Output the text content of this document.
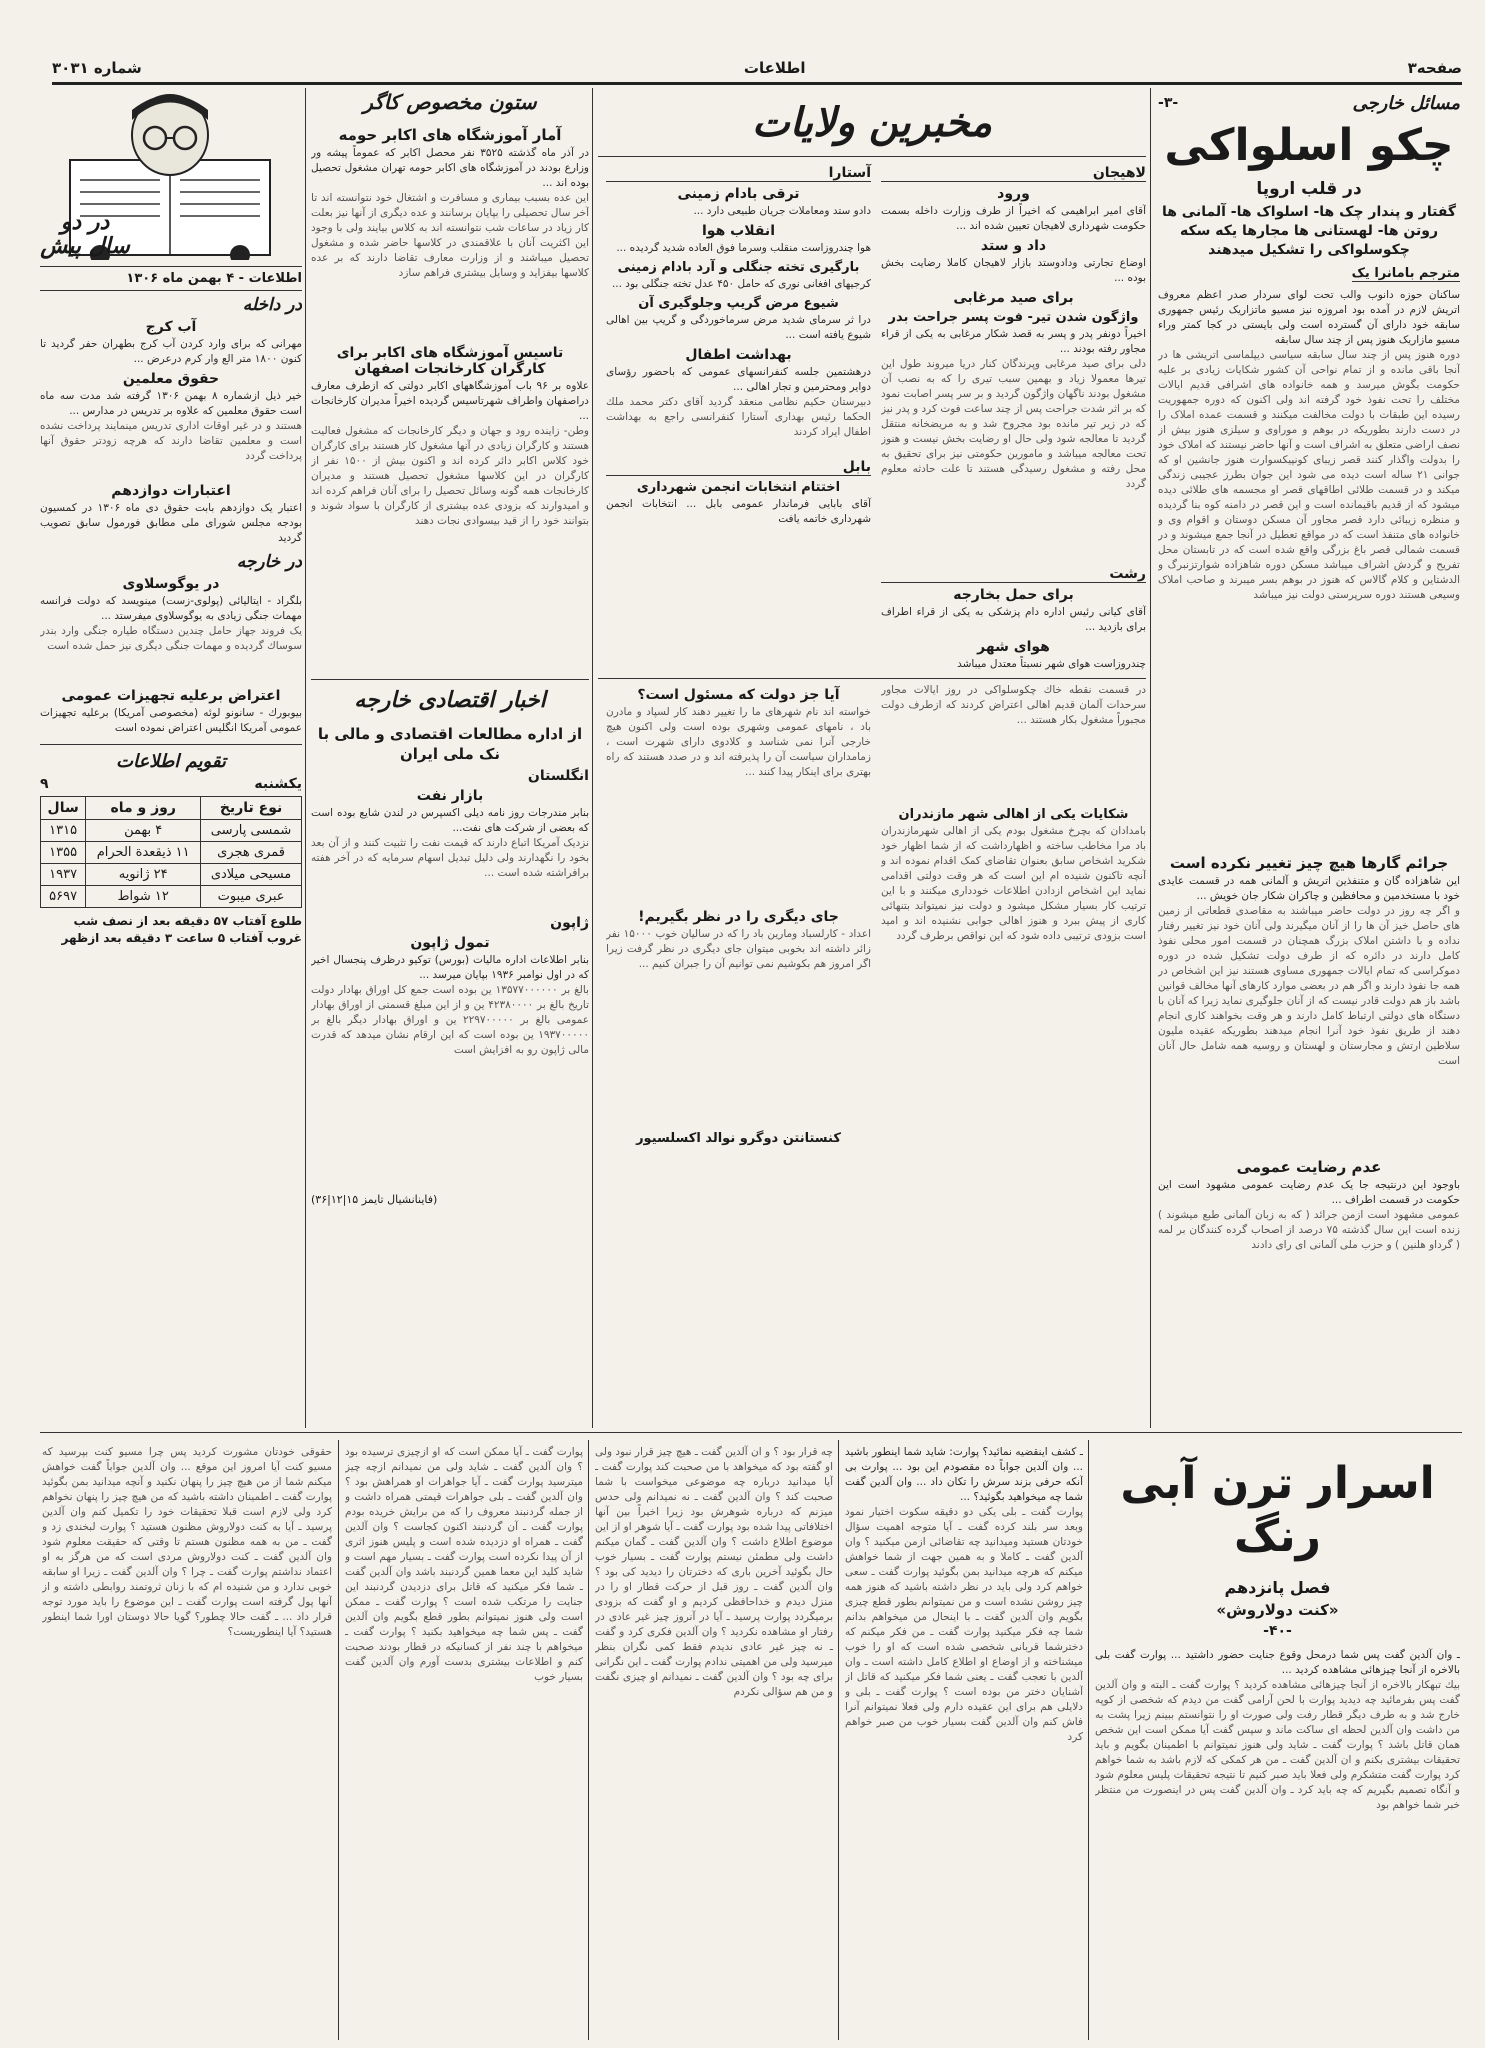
صفحه۳
اطلاعات
شماره ۳۰۳۱
مسائل خارجی
-۳-
چکو اسلواکی
در قلب اروپا
گفتار و پندار چک ها- اسلواک ها- آلمانی ها روتن ها- لهستانی ها مجارها یکه سکه چکوسلواکی را تشکیل میدهند
مترجم بامانرا یک
ساکنان حوزه دانوب والب تحت لوای سردار صدر اعظم معروف اتریش لازم در آمده بود امروزه نیز مسیو ماتزاریک رئیس جمهوری سابقه خود دارای آن گسترده است ولی بایستی در کجا کمتر وراء مسیو مازاریک هنوز پس از چند سال سابقه
دوره هنوز پس از چند سال سابقه سیاسی دیپلماسی اتریشی ها در آنجا باقی مانده و از تمام نواحی آن کشور شکایات زیادی بر علیه حکومت بگوش میرسد و همه خانواده های اشرافی قدیم ایالات مختلف را تحت نفوذ خود گرفته اند ولی اکنون که دوره جمهوریت رسیده این طبقات با دولت مخالفت میکنند و قسمت عمده املاک را در دست دارند بطوریکه در بوهم و موراوی و سیلزی هنوز بیش از نصف اراضی متعلق به اشراف است و آنها حاضر نیستند که املاک خود را بدولت واگذار کنند قصر زیبای کونپیکسوارت هنوز جانشین او که جوانی ۲۱ ساله است دیده می شود این جوان بطرز عجیبی زندگی میکند و در قسمت طلائی اطاقهای قصر او مجسمه های طلائی دیده میشود که از قدیم باقیمانده است و این قصر در دامنه کوه بنا گردیده و منظره زیبائی دارد قصر مجاور آن مسکن دوستان و اقوام وی و خانواده های متنفذ است که در مواقع تعطیل در آنجا جمع میشوند و در قسمت شمالی قصر باغ بزرگی واقع شده است که در تابستان محل تفریح و گردش اشراف میباشد مسکن دوره شاهزاده شوارتزنبرگ و الدشتاین و کلام گالاس که هنوز در بوهم بسر میبرند و صاحب املاک وسیعی هستند دوره سرپرستی دولت نیز میباشد
جرائم گارها هیچ چیز تغییر نکرده است
این شاهزاده گان و متنفذین اتریش و آلمانی همه در قسمت عایدی خود با مستخدمین و محافظین و چاکران شکار جان خویش ...
و اگر چه روز در دولت حاضر میباشند به مقاصدی قطعاتی از زمین های حاصل خیز آن ها را از آنان میگیرند ولی آنان خود نیز تغییر رفتار نداده و با داشتن املاک بزرگ همچنان در قسمت امور محلی نفوذ کامل دارند در دائره که از طرف دولت تشکیل شده در دوره دموکراسی که تمام ایالات جمهوری مساوی هستند نیز این اشخاص در همه جا نفوذ دارند و اگر هم در بعضی موارد کارهای آنها مخالف قوانین باشد باز هم دولت قادر نیست که از آنان جلوگیری نماید زیرا که آنان با دستگاه های دولتی ارتباط کامل دارند و هر وقت بخواهند کاری انجام دهند از طریق نفوذ خود آنرا انجام میدهند بطوریکه عقیده ملیون سلاطین ارتش و مجارستان و لهستان و روسیه همه شامل حال آنان است
عدم رضایت عمومی
باوجود این درنتیجه جا یک عدم رضایت عمومی مشهود است این حکومت در قسمت اطراف ...
عمومی مشهود است ازمن جرائد ( که به زبان آلمانی طبع میشوند ) زنده است این سال گذشته ۷۵ درصد از اصحاب گرده کنندگان بر لمه ( گرداو هلنین ) و حزب ملی آلمانی ای رای دادند
مخبرین ولایات
لاهیجان
ورود
آقای امیر ابراهیمی که اخیراً از طرف وزارت داخله بسمت حکومت شهرداری لاهیجان تعیین شده اند ...
داد و ستد
اوضاع تجارتی ودادوستد بازار لاهیجان کاملا رضایت بخش بوده ...
برای صید مرغابی
واژگون شدن تیر- فوت پسر جراحت بدر
اخیراً دونفر پدر و پسر به قصد شکار مرغابی به یکی از قراء مجاور رفته بودند ...
دلی برای صید مرغابی وپرندگان کنار دریا میروند طول این تیرها معمولا زیاد و بهمین سبب تیری را که به نصب آن مشغول بودند ناگهان واژگون گردید و بر سر پسر اصابت نمود که بر اثر شدت جراحت پس از چند ساعت فوت کرد و پدر نیز که در زیر تیر مانده بود مجروح شد و به مریضخانه منتقل گردید تا معالجه شود ولی حال او رضایت بخش نیست و هنوز تحت معالجه میباشد و مامورین حکومتی نیز برای تحقیق به محل رفته و مشغول رسیدگی هستند تا علت حادثه معلوم گردد
رشت
برای حمل بخارجه
آقای کیانی رئیس اداره دام پزشکی به یکی از قراء اطراف برای بازدید ...
هوای شهر
چندروزاست هوای شهر نسبتاً معتدل میباشد
آستارا
ترقی بادام زمینی
دادو ستد ومعاملات جریان طبیعی دارد ...
انقلاب هوا
هوا چندروزاست منقلب وسرما فوق العاده شدید گردیده ...
بارگیری تخته جنگلی و آرد بادام زمینی
کرجیهای افغانی نوری که حامل ۴۵۰ عدل تخته جنگلی بود ...
شیوع مرض گریپ وجلوگیری آن
درا ثر سرمای شدید مرض سرماخوردگی و گریپ بین اهالی شیوع یافته است ...
بهداشت اطفال
درهشتمین جلسه کنفرانسهای عمومی که باحضور رؤسای دوایر ومحترمین و تجار اهالی ...
دبیرستان حکیم نظامی منعقد گردید آقای دکتر محمد ملك الحکما رئیس بهداری آستارا کنفرانسی راجع به بهداشت اطفال ایراد کردند
بابل
اختتام انتخابات انجمن شهرداری
آقای بابایی فرماندار عمومی بابل ... انتخابات انجمن شهرداری خاتمه یافت
در قسمت نقطه خاك چکوسلواکی در روز ایالات مجاور سرحدات آلمان قدیم اهالی اعتراض کردند که ازطرف دولت مجبوراً مشغول بکار هستند ...
شکایات یکی از اهالی شهر مازندران
بامدادان که بچرخ مشغول بودم یکی از اهالی شهرمازندران باد مرا مخاطب ساخته و اظهارداشت که از شما اظهار خود شکرید اشخاص سابق بعنوان تقاضای کمک اقدام نموده اند و آنچه تاکنون شنیده ام این است که هر وقت دولتی اقدامی نماید این اشخاص ازدادن اطلاعات خودداری میکنند و با این ترتیب کار بسیار مشکل میشود و دولت نیز نمیتواند بتنهائی کاری از پیش ببرد و هنوز اهالی جوابی نشنیده اند و امید است بزودی ترتیبی داده شود که این نواقص برطرف گردد
آیا جز دولت که مسئول است؟
خواسته اند نام شهرهای ما را تغییر دهند کار لسپاد و مادرن باد ، نامهای عمومی وشهری بوده است ولی اکنون هیچ خارجی آنرا نمی شناسد و کلادوی دارای شهرت است ، زمامداران سیاست آن را پذیرفته اند و در صدد هستند که راه بهتری برای اینکار پیدا کنند ...
جای دیگری را در نظر بگیریم!
اعداد - کارلسباد ومارین باد را که در سالیان خوب ۱۵۰۰۰ نفر زائر داشته اند بخوبی میتوان جای دیگری در نظر گرفت زیرا اگر امروز هم بکوشیم نمی توانیم آن را جبران کنیم ...
کنستانتن دوگرو نوالد اکسلسیور
ستون مخصوص کاگر
آمار آموزشگاه های اکابر حومه
در آذر ماه گذشته ۳۵۲۵ نفر محصل اکابر که عموماً پیشه ور وزارع بودند در آموزشگاه های اکابر حومه تهران مشغول تحصیل بوده اند ...
این عده بسبب بیماری و مسافرت و اشتغال خود نتوانسته اند تا آخر سال تحصیلی را بپایان برسانند و عده دیگری از آنها نیز بعلت کار زیاد در ساعات شب نتوانسته اند به کلاس بیایند ولی با وجود این اکثریت آنان با علاقمندی در کلاسها حاضر شده و مشغول تحصیل میباشند و از وزارت معارف تقاضا دارند که بر عده کلاسها بیفزاید و وسایل بیشتری فراهم سازد
تاسیس آموزشگاه های اکابر برای کارگران کارخانجات اصفهان
علاوه بر ۹۶ باب آموزشگاههای اکابر دولتی که ازطرف معارف دراصفهان واطراف شهرتاسیس گردیده اخیراً مدیران کارخانجات ...
وطن- زاینده رود و جهان و دیگر کارخانجات که مشغول فعالیت هستند و کارگران زیادی در آنها مشغول کار هستند برای کارگران خود کلاس اکابر دائر کرده اند و اکنون بیش از ۱۵۰۰ نفر از کارگران در این کلاسها مشغول تحصیل هستند و مدیران کارخانجات همه گونه وسائل تحصیل را برای آنان فراهم کرده اند و امیدوارند که بزودی عده بیشتری از کارگران با سواد شوند و بتوانند خود را از قید بیسوادی نجات دهند
اخبار اقتصادی خارجه
از اداره مطالعات اقتصادی و مالی با نک ملی ایران
انگلستان
بازار نفت
بنابر مندرجات روز نامه دیلی اکسپرس در لندن شایع بوده است که بعضی از شرکت های نفت...
نزدیک آمریکا اتباع دارند که قیمت نفت را تثبیت کنند و از آن بعد بخود را نگهدارند ولی دلیل تبدیل اسهام سرمایه که در آخر هفته برافراشته شده است ...
ژاپون
تمول ژاپون
بنابر اطلاعات اداره مالیات (بورس) توکیو درظرف پنجسال اخیر که در اول نوامبر ۱۹۳۶ بپایان میرسد ...
بالغ بر ۱۳۵۷۷۰۰۰۰۰۰ ین بوده است جمع کل اوراق بهادار دولت تاریخ بالغ بر ۴۲۳۸۰۰۰۰ ین و از این مبلغ قسمتی از اوراق بهادار عمومی بالغ بر ۲۲۹۷۰۰۰۰۰ ین و اوراق بهادار دیگر بالغ بر ۱۹۳۷۰۰۰۰۰ ین بوده است که این ارقام نشان میدهد که قدرت مالی ژاپون رو به افزایش است
(فاینانشیال تایمز ۱۵|۱۲|۳۶)
در دو سال پیش
اطلاعات - ۴ بهمن ماه ۱۳۰۶
در داخله
آب کرج
مهرانی که برای وارد کردن آب کرج بطهران حفر گردید تا کنون ۱۸۰۰ متر الع وار کرم درعرض ...
حقوق معلمین
خیر ذیل ازشماره ۸ بهمن ۱۳۰۶ گرفته شد مدت سه ماه است حقوق معلمین که علاوه بر تدریس در مدارس ...
هستند و در غیر اوقات اداری تدریس مینمایند پرداخت نشده است و معلمین تقاضا دارند که هرچه زودتر حقوق آنها پرداخت گردد
اعتبارات دوازدهم
اعتبار یک دوازدهم بابت حقوق دی ماه ۱۳۰۶ در کمسیون بودجه مجلس شورای ملی مطابق فورمول سابق تصویب گردید
در خارجه
در یوگوسلاوی
بلگراد - ایتالیائی (پولوی-زست) مینویسد که دولت فرانسه مهمات جنگی زیادی به یوگوسلاوی میفرستد ...
یک فروند جهاز حامل چندین دستگاه طیاره جنگی وارد بندر سوساك گردیده و مهمات جنگی دیگری نیز حمل شده است
اعتراض برعلیه تجهیزات عمومی
بیوبورك - سانونو لوئه (مخصوصی آمریکا) برعلیه تجهیزات عمومی آمریکا انگلیس اعتراض نموده است
تقویم اطلاعات
یکشنبه
۹
نوع تاریخ	روز و ماه	سال
شمسی پارسی	۴ بهمن	۱۳۱۵
قمری هجری	۱۱ ذیقعدة الحرام	۱۳۵۵
مسیحی میلادی	۲۴ ژانویه	۱۹۳۷
عبری میبوت	۱۲ شواط	۵۶۹۷
طلوع آفتاب ۵۷ دقیقه بعد از نصف شب
غروب آفتاب ۵ ساعت ۳ دقیقه بعد ازظهر
اسرار ترن آبی رنگ
فصل پانزدهم
«کنت دولاروش»
-۴۰-
ـ وان آلدین گفت پس شما درمحل وقوع جنایت حضور داشتید ... پوارت گفت بلی بالاخره از آنجا چیزهائی مشاهده کردید ...
بیك تبهکار بالاخره از آنجا چیزهائی مشاهده کردید ؟ پوارت گفت ـ البته و وان آلدین گفت پس بفرمائید چه دیدید پوارت با لحن آرامی گفت من دیدم که شخصی از کوپه خارج شد و به طرف دیگر قطار رفت ولی صورت او را نتوانستم ببینم زیرا پشت به من داشت وان آلدین لحظه ای ساکت ماند و سپس گفت آیا ممکن است این شخص همان قاتل باشد ؟ پوارت گفت ـ شاید ولی هنوز نمیتوانم با اطمینان بگویم و باید تحقیقات بیشتری بکنم و ان آلدین گفت ـ من هر کمکی که لازم باشد به شما خواهم کرد پوارت گفت متشکرم ولی فعلا باید صبر کنیم تا نتیجه تحقیقات پلیس معلوم شود و آنگاه تصمیم بگیریم که چه باید کرد ـ وان آلدین گفت پس در اینصورت من منتظر خبر شما خواهم بود
ـ کشف اینقضیه نمائید؟ پوارت: شاید شما اینطور باشید ... وان آلدین جواباً ده مقصودم این بود ... پوارت بی آنکه حرفی بزند سرش را تکان داد ... وان آلدین گفت شما چه میخواهید بگوئید؟ ...
پوارت گفت ـ بلی یکی دو دقیقه سکوت اختیار نمود وبعد سر بلند کرده گفت ـ آیا متوجه اهمیت سؤال خودتان هستید ومیدانید چه تقاضائی ازمن میکنید ؟ وان آلدین گفت ـ کاملا و به همین جهت از شما خواهش میکنم که هرچه میدانید بمن بگوئید پوارت گفت ـ سعی خواهم کرد ولی باید در نظر داشته باشید که هنوز همه چیز روشن نشده است و من نمیتوانم بطور قطع چیزی بگویم وان آلدین گفت ـ با اینحال من میخواهم بدانم شما چه فکر میکنید پوارت گفت ـ من فکر میکنم که دخترشما قربانی شخصی شده است که او را خوب میشناخته و از اوضاع او اطلاع کامل داشته است ـ وان آلدین با تعجب گفت ـ یعنی شما فکر میکنید که قاتل از آشنایان دختر من بوده است ؟ پوارت گفت ـ بلی و دلایلی هم برای این عقیده دارم ولی فعلا نمیتوانم آنرا فاش کنم وان آلدین گفت بسیار خوب من صبر خواهم کرد
چه قرار بود ؟ و ان آلدین گفت ـ هیچ چیز قرار نبود ولی او گفته بود که میخواهد با من صحبت کند پوارت گفت ـ آیا میدانید درباره چه موضوعی میخواست با شما صحبت کند ؟ وان آلدین گفت ـ نه نمیدانم ولی حدس میزنم که درباره شوهرش بود زیرا اخیراً بین آنها اختلافاتی پیدا شده بود پوارت گفت ـ آیا شوهر او از این موضوع اطلاع داشت ؟ وان آلدین گفت ـ گمان میکنم داشت ولی مطمئن نیستم پوارت گفت ـ بسیار خوب حال بگوئید آخرین باری که دخترتان را دیدید کی بود ؟ وان آلدین گفت ـ روز قبل از حرکت قطار او را در منزل دیدم و خداحافظی کردیم و او گفت که بزودی برمیگردد پوارت پرسید ـ آیا در آنروز چیز غیر عادی در رفتار او مشاهده نکردید ؟ وان آلدین فکری کرد و گفت ـ نه چیز غیر عادی ندیدم فقط کمی نگران بنظر میرسید ولی من اهمیتی ندادم پوارت گفت ـ این نگرانی برای چه بود ؟ وان آلدین گفت ـ نمیدانم او چیزی نگفت و من هم سؤالی نکردم
پوارت گفت ـ آیا ممکن است که او ازچیزی ترسیده بود ؟ وان آلدین گفت ـ شاید ولی من نمیدانم ازچه چیز میترسید پوارت گفت ـ آیا جواهرات او همراهش بود ؟ وان آلدین گفت ـ بلی جواهرات قیمتی همراه داشت و از جمله گردنبند معروف را که من برایش خریده بودم پوارت گفت ـ آن گردنبند اکنون کجاست ؟ وان آلدین گفت ـ همراه او دزدیده شده است و پلیس هنوز اثری از آن پیدا نکرده است پوارت گفت ـ بسیار مهم است و شاید کلید این معما همین گردنبند باشد وان آلدین گفت ـ شما فکر میکنید که قاتل برای دزدیدن گردنبند این جنایت را مرتکب شده است ؟ پوارت گفت ـ ممکن است ولی هنوز نمیتوانم بطور قطع بگویم وان آلدین گفت ـ پس شما چه میخواهید بکنید ؟ پوارت گفت ـ میخواهم با چند نفر از کسانیکه در قطار بودند صحبت کنم و اطلاعات بیشتری بدست آورم وان آلدین گفت بسیار خوب
حقوقی خودتان مشورت کردید پس چرا مسیو کنت بپرسید که مسیو کنت آیا امروز این موقع ... وان آلدین جواباً گفت خواهش میکنم شما از من هیچ چیز را پنهان نکنید و آنچه میدانید بمن بگوئید پوارت گفت ـ اطمینان داشته باشید که من هیچ چیز را پنهان نخواهم کرد ولی لازم است قبلا تحقیقات خود را تکمیل کنم وان آلدین پرسید ـ آیا به کنت دولاروش مظنون هستید ؟ پوارت لبخندی زد و گفت ـ من به همه مظنون هستم تا وقتی که حقیقت معلوم شود وان آلدین گفت ـ کنت دولاروش مردی است که من هرگز به او اعتماد نداشتم پوارت گفت ـ چرا ؟ وان آلدین گفت ـ زیرا او سابقه خوبی ندارد و من شنیده ام که با زنان ثروتمند روابطی داشته و از آنها پول گرفته است پوارت گفت ـ این موضوع را باید مورد توجه قرار داد ... ـ گفت حالا چطور؟ گویا حالا دوستان اورا شما اینطور هستید؟ آیا اینطوریست؟
